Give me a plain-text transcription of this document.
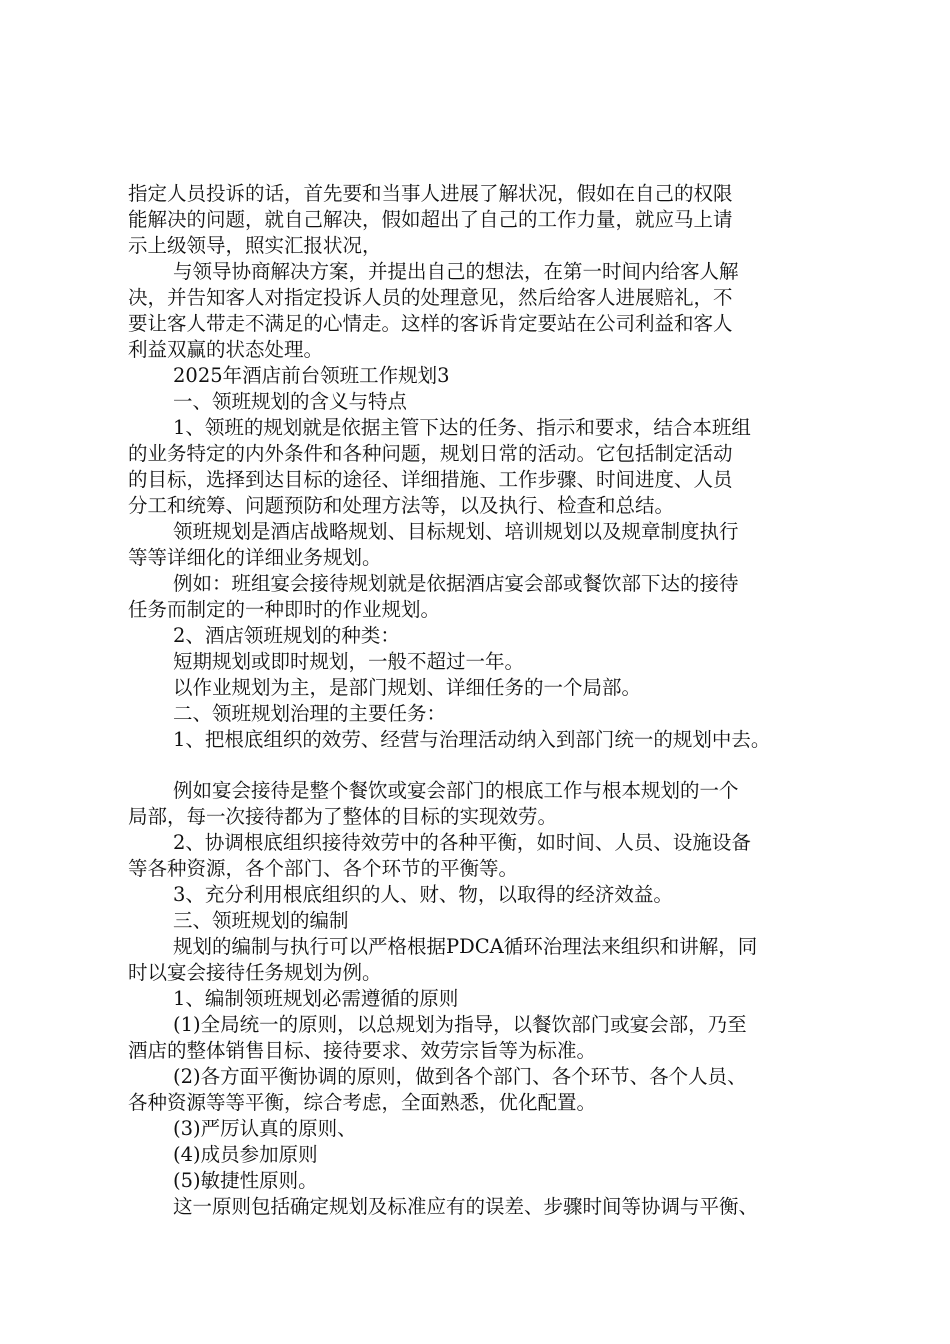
指定人员投诉的话，首先要和当事人进展了解状况，假如在自己的权限
能解决的问题，就自己解决，假如超出了自己的工作力量，就应马上请
示上级领导，照实汇报状况，
与领导协商解决方案，并提出自己的想法，在第一时间内给客人解
决，并告知客人对指定投诉人员的处理意见，然后给客人进展赔礼，不
要让客人带走不满足的心情走。这样的客诉肯定要站在公司利益和客人
利益双赢的状态处理。
2025年酒店前台领班工作规划3
一、领班规划的含义与特点
1、领班的规划就是依据主管下达的任务、指示和要求，结合本班组
的业务特定的内外条件和各种问题，规划日常的活动。它包括制定活动
的目标，选择到达目标的途径、详细措施、工作步骤、时间进度、人员
分工和统筹、问题预防和处理方法等，以及执行、检查和总结。
领班规划是酒店战略规划、目标规划、培训规划以及规章制度执行
等等详细化的详细业务规划。
例如：班组宴会接待规划就是依据酒店宴会部或餐饮部下达的接待
任务而制定的一种即时的作业规划。
2、酒店领班规划的种类：
短期规划或即时规划，一般不超过一年。
以作业规划为主，是部门规划、详细任务的一个局部。
二、领班规划治理的主要任务：
1、把根底组织的效劳、经营与治理活动纳入到部门统一的规划中去。
例如宴会接待是整个餐饮或宴会部门的根底工作与根本规划的一个
局部，每一次接待都为了整体的目标的实现效劳。
2、协调根底组织接待效劳中的各种平衡，如时间、人员、设施设备
等各种资源，各个部门、各个环节的平衡等。
3、充分利用根底组织的人、财、物，以取得的经济效益。
三、领班规划的编制
规划的编制与执行可以严格根据PDCA循环治理法来组织和讲解，同
时以宴会接待任务规划为例。
1、编制领班规划必需遵循的原则
(1)全局统一的原则，以总规划为指导，以餐饮部门或宴会部，乃至
酒店的整体销售目标、接待要求、效劳宗旨等为标准。
(2)各方面平衡协调的原则，做到各个部门、各个环节、各个人员、
各种资源等等平衡，综合考虑，全面熟悉，优化配置。
(3)严厉认真的原则、
(4)成员参加原则
(5)敏捷性原则。
这一原则包括确定规划及标准应有的误差、步骤时间等协调与平衡、
